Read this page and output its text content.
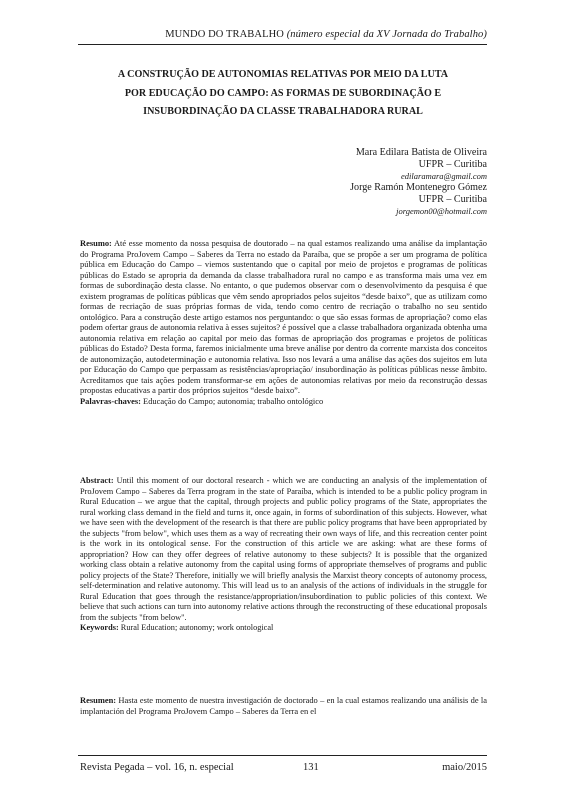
MUNDO DO TRABALHO (número especial da XV Jornada do Trabalho)
A CONSTRUÇÃO DE AUTONOMIAS RELATIVAS POR MEIO DA LUTA
POR EDUCAÇÃO DO CAMPO: AS FORMAS DE SUBORDINAÇÃO E
INSUBORDINAÇÃO DA CLASSE TRABALHADORA RURAL
Mara Edilara Batista de Oliveira
UFPR – Curitiba
edilaramara@gmail.com
Jorge Ramón Montenegro Gómez
UFPR – Curitiba
jorgemon00@hotmail.com
Resumo: Até esse momento da nossa pesquisa de doutorado – na qual estamos realizando uma análise da implantação do Programa ProJovem Campo – Saberes da Terra no estado da Paraíba, que se propõe a ser um programa de política pública em Educação do Campo – viemos sustentando que o capital por meio de projetos e programas de políticas públicas do Estado se apropria da demanda da classe trabalhadora rural no campo e as transforma mais uma vez em formas de subordinação desta classe. No entanto, o que pudemos observar com o desenvolvimento da pesquisa é que existem programas de políticas públicas que vêm sendo apropriados pelos sujeitos “desde baixo”, que as utilizam como formas de recriação de suas próprias formas de vida, tendo como centro de recriação o trabalho no seu sentido ontológico. Para a construção deste artigo estamos nos perguntando: o que são essas formas de apropriação? como elas podem ofertar graus de autonomia relativa à esses sujeitos? é possível que a classe trabalhadora organizada obtenha uma autonomia relativa em relação ao capital por meio das formas de apropriação dos programas e projetos de políticas públicas do Estado? Desta forma, faremos inicialmente uma breve análise por dentro da corrente marxista dos conceitos de autonomização, autodeterminação e autonomia relativa. Isso nos levará a uma análise das ações dos sujeitos em luta por Educação do Campo que perpassam as resistências/apropriação/ insubordinação às políticas públicas nesse âmbito. Acreditamos que tais ações podem transformar-se em ações de autonomias relativas por meio da reconstrução dessas propostas educativas a partir dos próprios sujeitos “desde baixo”.
Palavras-chaves: Educação do Campo; autonomia; trabalho ontológico
Abstract: Until this moment of our doctoral research - which we are conducting an analysis of the implementation of ProJovem Campo – Saberes da Terra program in the state of Paraíba, which is intended to be a public policy program in Rural Education – we argue that the capital, through projects and public policy programs of the State, appropriates the rural working class demand in the field and turns it, once again, in forms of subordination of this subjects. However, what we have seen with the development of the research is that there are public policy programs that have been appropriated by the subjects "from below", which uses them as a way of recreating their own ways of life, and this recreation center point is the work in its ontological sense. For the construction of this article we are asking: what are these forms of appropriation? How can they offer degrees of relative autonomy to these subjects? It is possible that the organized working class obtain a relative autonomy from the capital using forms of appropriate themselves of programs and public policy projects of the State? Therefore, initially we will briefly analysis the Marxist theory concepts of autonomy process, self-determination and relative autonomy. This will lead us to an analysis of the actions of individuals in the struggle for Rural Education that goes through the resistance/appropriation/insubordination to public policies of this context. We believe that such actions can turn into autonomy relative actions through the reconstructing of these educational proposals from the subjects "from below".
Keywords: Rural Education; autonomy; work ontological
Resumen: Hasta este momento de nuestra investigación de doctorado – en la cual estamos realizando una análisis de la implantación del Programa ProJovem Campo – Saberes da Terra en el
Revista Pegada – vol. 16, n. especial	131	maio/2015
